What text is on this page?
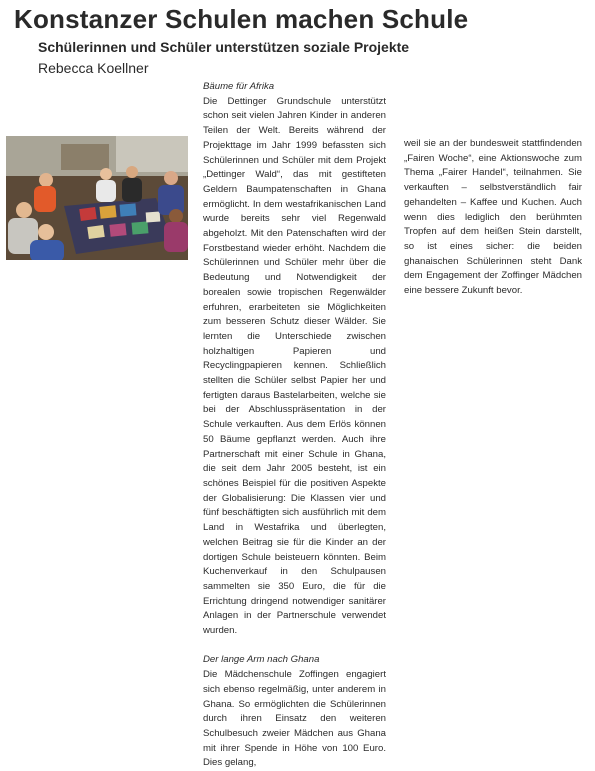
Konstanzer Schulen machen Schule
Schülerinnen und Schüler unterstützen soziale Projekte

Rebecca Koellner

Bäume für Afrika

Die Dettinger Grundschule unterstützt schon seit vielen Jahren Kinder in anderen Teilen der Welt. Bereits während der Projekttage im Jahr 1999 befassten sich Schülerinnen und Schüler mit dem Projekt „Dettinger Wald“, das mit gestifteten Geldern Baumpatenschaften in Ghana ermöglicht. In dem westafrikanischen Land wurde bereits sehr viel Regenwald abgeholzt. Mit den Patenschaften wird der Forstbestand wieder erhöht. Nachdem die Schülerinnen und Schüler mehr über die Bedeutung und Notwendigkeit der borealen sowie tropischen Regenwälder erfuhren, erarbeiteten sie Möglichkeiten zum besseren Schutz dieser Wälder. Sie lernten die Unterschiede zwischen holzhaltigen Papieren und Recyclingpapieren kennen. Schließlich stellten die Schüler selbst Papier her und fertigten daraus Bastelarbeiten, welche sie bei der Abschlusspräsentation in der Schule verkauften. Aus dem Erlös können 50 Bäume gepflanzt werden. Auch ihre Partnerschaft mit einer Schule in Ghana, die seit dem Jahr 2005 besteht, ist ein schönes Beispiel für die positiven Aspekte der Globalisierung: Die Klassen vier und fünf beschäftigten sich ausführlich mit dem Land in Westafrika und überlegten, welchen Beitrag sie für die Kinder an der dortigen Schule beisteuern könnten. Beim Kuchenverkauf in den Schulpausen sammelten sie 350 Euro, die für die Errichtung dringend notwendiger sanitärer Anlagen in der Partnerschule verwendet wurden.

Der lange Arm nach Ghana

Die Mädchenschule Zoffingen engagiert sich ebenso regelmäßig, unter anderem in Ghana. So ermöglichten die Schülerinnen durch ihren Einsatz den weiteren Schulbesuch zweier Mädchen aus Ghana mit ihrer Spende in Höhe von 100 Euro. Dies gelang,

weil sie an der bundesweit stattfindenden „Fairen Woche“, eine Aktionswoche zum Thema „Fairer Handel“, teilnahmen. Sie verkauften – selbstverständlich fair gehandelten – Kaffee und Kuchen. Auch wenn dies lediglich den berühmten Tropfen auf dem heißen Stein darstellt, so ist eines sicher: die beiden ghanaischen Schülerinnen steht Dank dem Engagement der Zoffinger Mädchen eine bessere Zukunft bevor.
